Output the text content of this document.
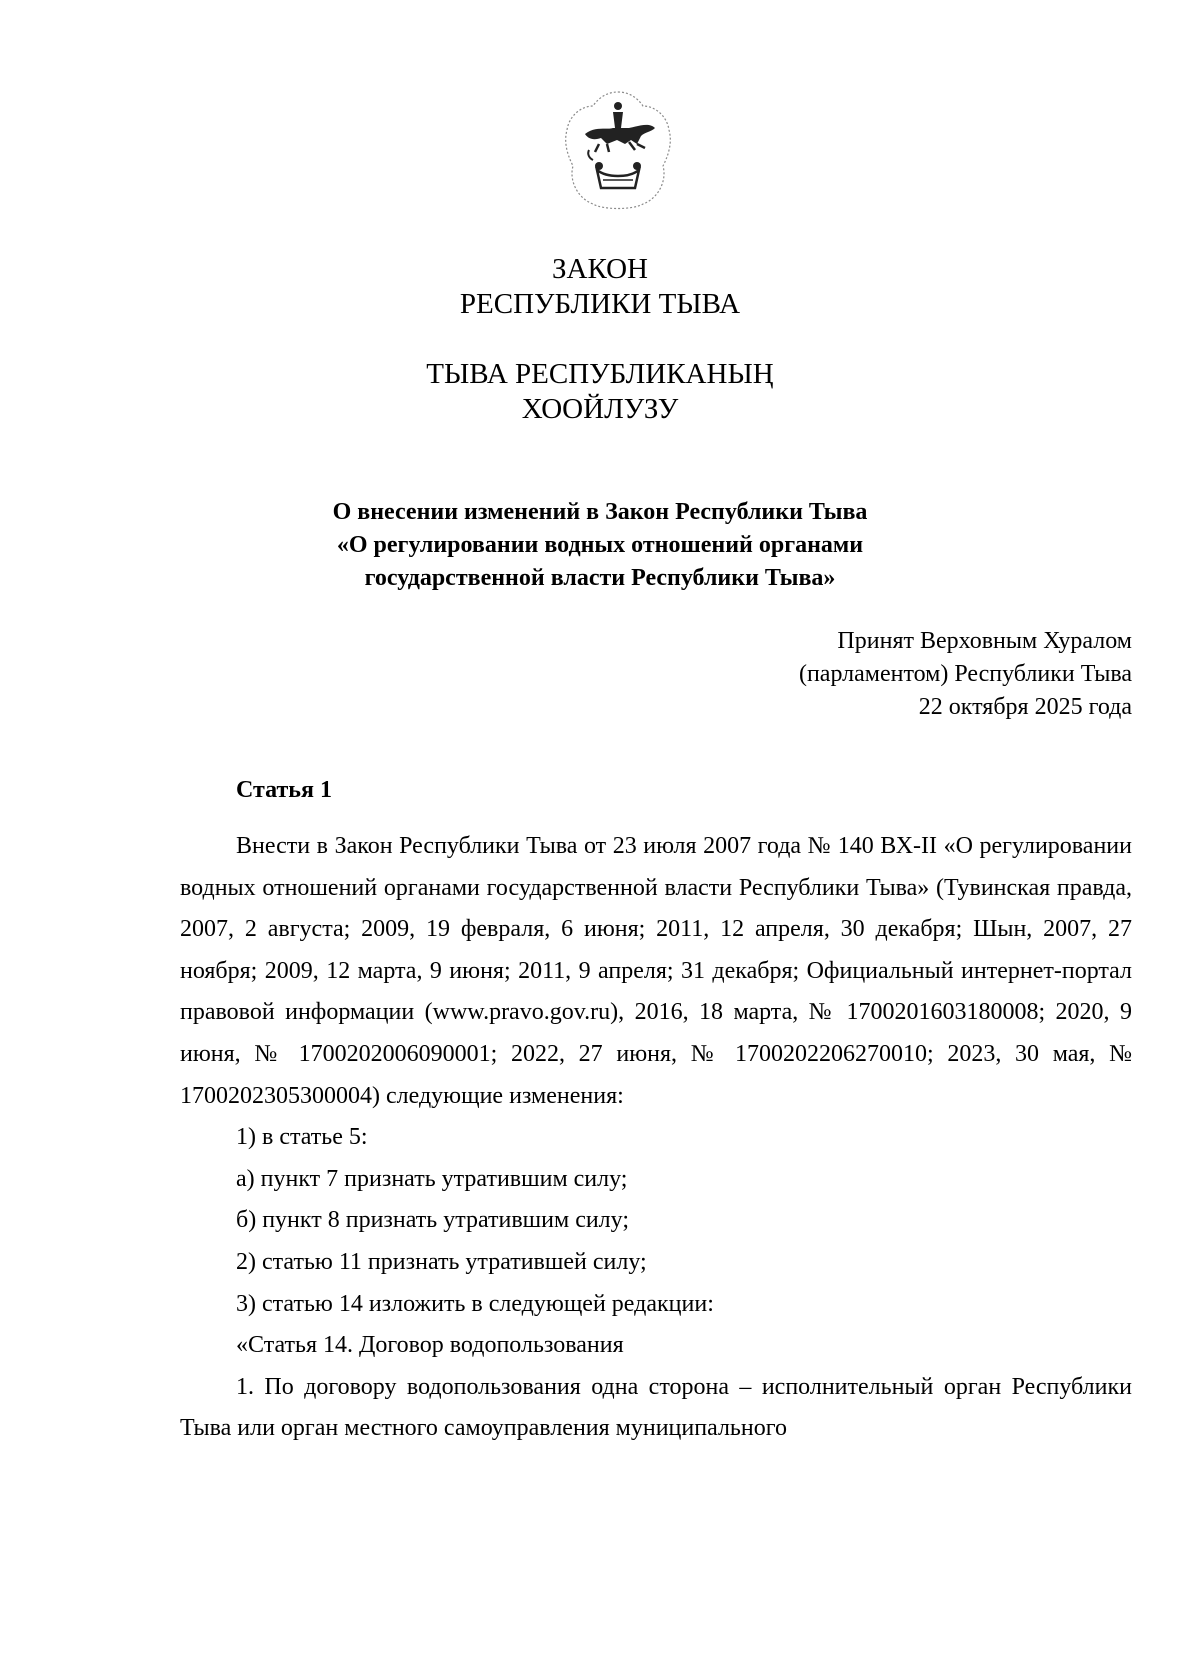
ЗАКОН
РЕСПУБЛИКИ ТЫВА
ТЫВА РЕСПУБЛИКАНЫҢ
ХООЙЛУЗУ
О внесении изменений в Закон Республики Тыва
«О регулировании водных отношений органами
государственной власти Республики Тыва»
Принят Верховным Хуралом
(парламентом) Республики Тыва
22 октября 2025 года
Статья 1

Внести в Закон Республики Тыва от 23 июля 2007 года № 140 ВХ-II «О регулировании водных отношений органами государственной власти Республики Тыва» (Тувинская правда, 2007, 2 августа; 2009, 19 февраля, 6 июня; 2011, 12 апреля, 30 декабря; Шын, 2007, 27 ноября; 2009, 12 марта, 9 июня; 2011, 9 апреля; 31 декабря; Официальный интернет-портал правовой информации (www.pravo.gov.ru), 2016, 18 марта, № 1700201603180008; 2020, 9 июня, № 1700202006090001; 2022, 27 июня, № 1700202206270010; 2023, 30 мая, № 1700202305300004) следующие изменения:

1) в статье 5:

а) пункт 7 признать утратившим силу;

б) пункт 8 признать утратившим силу;

2) статью 11 признать утратившей силу;

3) статью 14 изложить в следующей редакции:

«Статья 14. Договор водопользования

1. По договору водопользования одна сторона – исполнительный орган Республики Тыва или орган местного самоуправления муниципального
